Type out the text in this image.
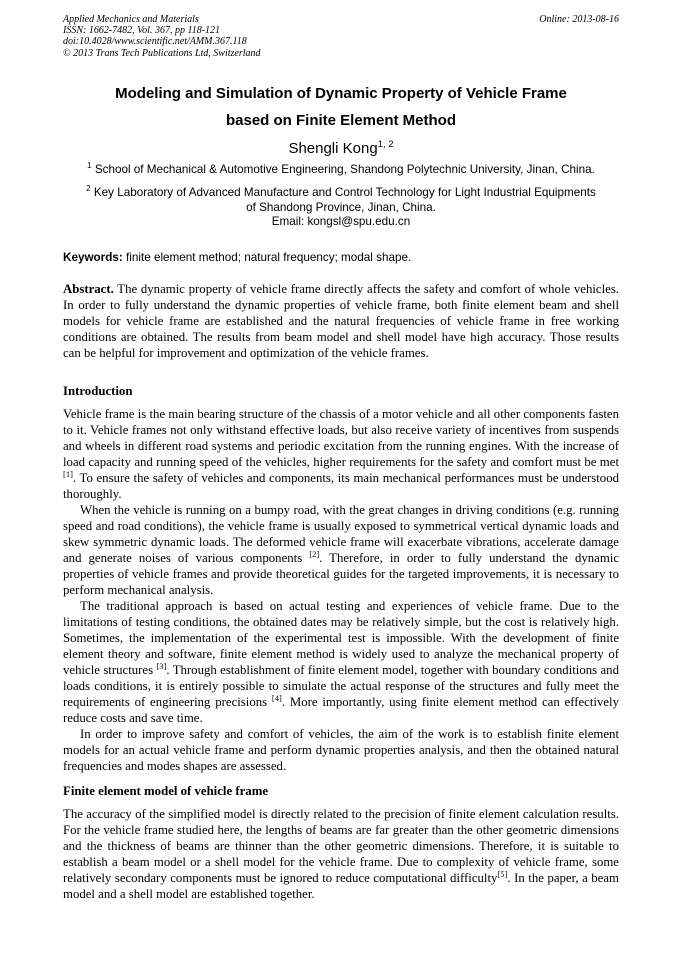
Applied Mechanics and Materials
ISSN: 1662-7482, Vol. 367, pp 118-121
doi:10.4028/www.scientific.net/AMM.367.118
© 2013 Trans Tech Publications Ltd, Switzerland
Online: 2013-08-16
Modeling and Simulation of Dynamic Property of Vehicle Frame
based on Finite Element Method
Shengli Kong$^{1, 2}$
$^1$ School of Mechanical & Automotive Engineering, Shandong Polytechnic University, Jinan, China.
$^2$ Key Laboratory of Advanced Manufacture and Control Technology for Light Industrial Equipments
of Shandong Province, Jinan, China.
Email: kongsl@spu.edu.cn
Keywords: finite element method; natural frequency; modal shape.
Abstract. The dynamic property of vehicle frame directly affects the safety and comfort of whole vehicles. In order to fully understand the dynamic properties of vehicle frame, both finite element beam and shell models for vehicle frame are established and the natural frequencies of vehicle frame in free working conditions are obtained. The results from beam model and shell model have high accuracy. Those results can be helpful for improvement and optimization of the vehicle frames.
Introduction

Vehicle frame is the main bearing structure of the chassis of a motor vehicle and all other components fasten to it. Vehicle frames not only withstand effective loads, but also receive variety of incentives from suspends and wheels in different road systems and periodic excitation from the running engines. With the increase of load capacity and running speed of the vehicles, higher requirements for the safety and comfort must be met [1]. To ensure the safety of vehicles and components, its main mechanical performances must be understood thoroughly.

When the vehicle is running on a bumpy road, with the great changes in driving conditions (e.g. running speed and road conditions), the vehicle frame is usually exposed to symmetrical vertical dynamic loads and skew symmetric dynamic loads. The deformed vehicle frame will exacerbate vibrations, accelerate damage and generate noises of various components [2]. Therefore, in order to fully understand the dynamic properties of vehicle frames and provide theoretical guides for the targeted improvements, it is necessary to perform mechanical analysis.

The traditional approach is based on actual testing and experiences of vehicle frame. Due to the limitations of testing conditions, the obtained dates may be relatively simple, but the cost is relatively high. Sometimes, the implementation of the experimental test is impossible. With the development of finite element theory and software, finite element method is widely used to analyze the mechanical property of vehicle structures [3]. Through establishment of finite element model, together with boundary conditions and loads conditions, it is entirely possible to simulate the actual response of the structures and fully meet the requirements of engineering precisions [4]. More importantly, using finite element method can effectively reduce costs and save time.

In order to improve safety and comfort of vehicles, the aim of the work is to establish finite element models for an actual vehicle frame and perform dynamic properties analysis, and then the obtained natural frequencies and modes shapes are assessed.

Finite element model of vehicle frame

The accuracy of the simplified model is directly related to the precision of finite element calculation results. For the vehicle frame studied here, the lengths of beams are far greater than the other geometric dimensions and the thickness of beams are thinner than the other geometric dimensions. Therefore, it is suitable to establish a beam model or a shell model for the vehicle frame. Due to complexity of vehicle frame, some relatively secondary components must be ignored to reduce computational difficulty[5]. In the paper, a beam model and a shell model are established together.
